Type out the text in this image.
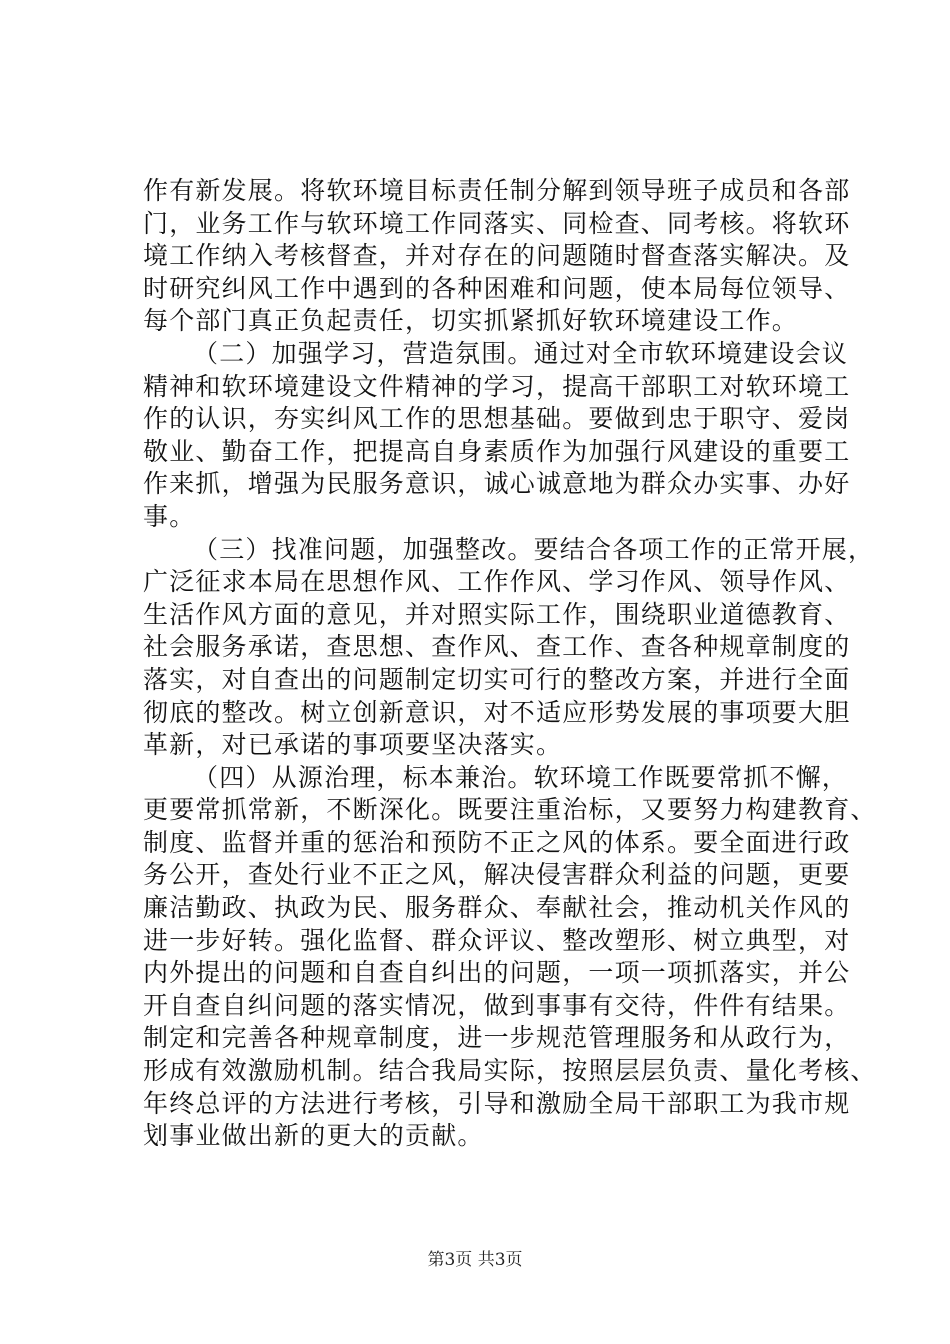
作有新发展。将软环境目标责任制分解到领导班子成员和各部
门，业务工作与软环境工作同落实、同检查、同考核。将软环
境工作纳入考核督查，并对存在的问题随时督查落实解决。及
时研究纠风工作中遇到的各种困难和问题，使本局每位领导、
每个部门真正负起责任，切实抓紧抓好软环境建设工作。
（二）加强学习，营造氛围。通过对全市软环境建设会议
精神和软环境建设文件精神的学习，提高干部职工对软环境工
作的认识，夯实纠风工作的思想基础。要做到忠于职守、爱岗
敬业、勤奋工作，把提高自身素质作为加强行风建设的重要工
作来抓，增强为民服务意识，诚心诚意地为群众办实事、办好
事。
（三）找准问题，加强整改。要结合各项工作的正常开展，
广泛征求本局在思想作风、工作作风、学习作风、领导作风、
生活作风方面的意见，并对照实际工作，围绕职业道德教育、
社会服务承诺，查思想、查作风、查工作、查各种规章制度的
落实，对自查出的问题制定切实可行的整改方案，并进行全面
彻底的整改。树立创新意识，对不适应形势发展的事项要大胆
革新，对已承诺的事项要坚决落实。
（四）从源治理，标本兼治。软环境工作既要常抓不懈，
更要常抓常新，不断深化。既要注重治标，又要努力构建教育、
制度、监督并重的惩治和预防不正之风的体系。要全面进行政
务公开，查处行业不正之风，解决侵害群众利益的问题，更要
廉洁勤政、执政为民、服务群众、奉献社会，推动机关作风的
进一步好转。强化监督、群众评议、整改塑形、树立典型，对
内外提出的问题和自查自纠出的问题，一项一项抓落实，并公
开自查自纠问题的落实情况，做到事事有交待，件件有结果。
制定和完善各种规章制度，进一步规范管理服务和从政行为，
形成有效激励机制。结合我局实际，按照层层负责、量化考核、
年终总评的方法进行考核，引导和激励全局干部职工为我市规
划事业做出新的更大的贡献。
第3页 共3页
